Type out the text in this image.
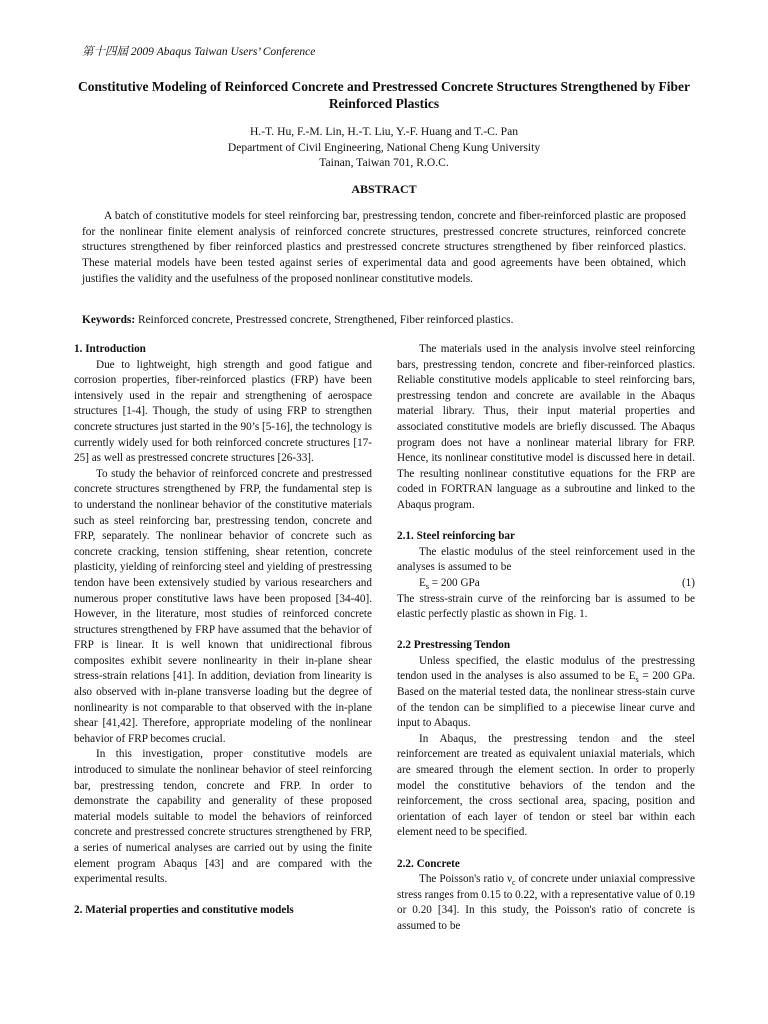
第十四屆 2009 Abaqus Taiwan Users’ Conference
Constitutive Modeling of Reinforced Concrete and Prestressed Concrete Structures Strengthened by Fiber Reinforced Plastics
H.-T. Hu, F.-M. Lin, H.-T. Liu, Y.-F. Huang and T.-C. Pan
Department of Civil Engineering, National Cheng Kung University
Tainan, Taiwan 701, R.O.C.
ABSTRACT

A batch of constitutive models for steel reinforcing bar, prestressing tendon, concrete and fiber-reinforced plastic are proposed for the nonlinear finite element analysis of reinforced concrete structures, prestressed concrete structures, reinforced concrete structures strengthened by fiber reinforced plastics and prestressed concrete structures strengthened by fiber reinforced plastics. These material models have been tested against series of experimental data and good agreements have been obtained, which justifies the validity and the usefulness of the proposed nonlinear constitutive models.

Keywords: Reinforced concrete, Prestressed concrete, Strengthened, Fiber reinforced plastics.

1. Introduction

Due to lightweight, high strength and good fatigue and corrosion properties, fiber-reinforced plastics (FRP) have been intensively used in the repair and strengthening of aerospace structures [1-4]. Though, the study of using FRP to strengthen concrete structures just started in the 90’s [5-16], the technology is currently widely used for both reinforced concrete structures [17-25] as well as prestressed concrete structures [26-33].

To study the behavior of reinforced concrete and prestressed concrete structures strengthened by FRP, the fundamental step is to understand the nonlinear behavior of the constitutive materials such as steel reinforcing bar, prestressing tendon, concrete and FRP, separately. The nonlinear behavior of concrete such as concrete cracking, tension stiffening, shear retention, concrete plasticity, yielding of reinforcing steel and yielding of prestressing tendon have been extensively studied by various researchers and numerous proper constitutive laws have been proposed [34-40]. However, in the literature, most studies of reinforced concrete structures strengthened by FRP have assumed that the behavior of FRP is linear. It is well known that unidirectional fibrous composites exhibit severe nonlinearity in their in-plane shear stress-strain relations [41]. In addition, deviation from linearity is also observed with in-plane transverse loading but the degree of nonlinearity is not comparable to that observed with the in-plane shear [41,42]. Therefore, appropriate modeling of the nonlinear behavior of FRP becomes crucial.

In this investigation, proper constitutive models are introduced to simulate the nonlinear behavior of steel reinforcing bar, prestressing tendon, concrete and FRP. In order to demonstrate the capability and generality of these proposed material models suitable to model the behaviors of reinforced concrete and prestressed concrete structures strengthened by FRP, a series of numerical analyses are carried out by using the finite element program Abaqus [43] and are compared with the experimental results.

2. Material properties and constitutive models

The materials used in the analysis involve steel reinforcing bars, prestressing tendon, concrete and fiber-reinforced plastics. Reliable constitutive models applicable to steel reinforcing bars, prestressing tendon and concrete are available in the Abaqus material library. Thus, their input material properties and associated constitutive models are briefly discussed. The Abaqus program does not have a nonlinear material library for FRP. Hence, its nonlinear constitutive model is discussed here in detail. The resulting nonlinear constitutive equations for the FRP are coded in FORTRAN language as a subroutine and linked to the Abaqus program.

2.1. Steel reinforcing bar

The elastic modulus of the steel reinforcement used in the analyses is assumed to be

$E_s = 200$ GPa	(1)

The stress-strain curve of the reinforcing bar is assumed to be elastic perfectly plastic as shown in Fig. 1.

2.2 Prestressing Tendon

Unless specified, the elastic modulus of the prestressing tendon used in the analyses is also assumed to be $E_s = 200$ GPa. Based on the material tested data, the nonlinear stress-stain curve of the tendon can be simplified to a piecewise linear curve and input to Abaqus.

In Abaqus, the prestressing tendon and the steel reinforcement are treated as equivalent uniaxial materials, which are smeared through the element section. In order to properly model the constitutive behaviors of the tendon and the reinforcement, the cross sectional area, spacing, position and orientation of each layer of tendon or steel bar within each element need to be specified.

2.2. Concrete

The Poisson's ratio $\nu_c$ of concrete under uniaxial compressive stress ranges from 0.15 to 0.22, with a representative value of 0.19 or 0.20 [34]. In this study, the Poisson's ratio of concrete is assumed to be
